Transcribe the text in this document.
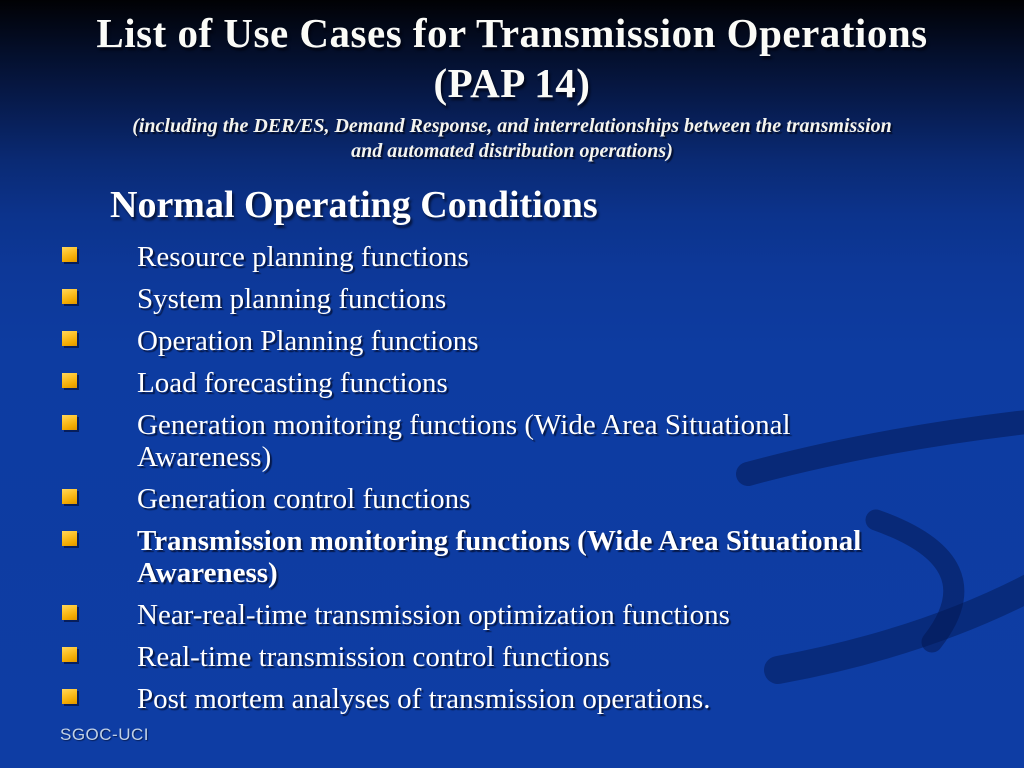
List of Use Cases for Transmission Operations
(PAP 14)
(including the DER/ES, Demand Response, and interrelationships between the transmission
and automated distribution operations)
Normal Operating Conditions
Resource planning functions
System planning functions
Operation Planning functions
Load forecasting functions
Generation monitoring functions (Wide Area Situational Awareness)
Generation control functions
Transmission monitoring functions (Wide Area Situational Awareness)
Near-real-time transmission optimization functions
Real-time transmission control functions
Post mortem analyses of transmission operations.
SGOC-UCI
